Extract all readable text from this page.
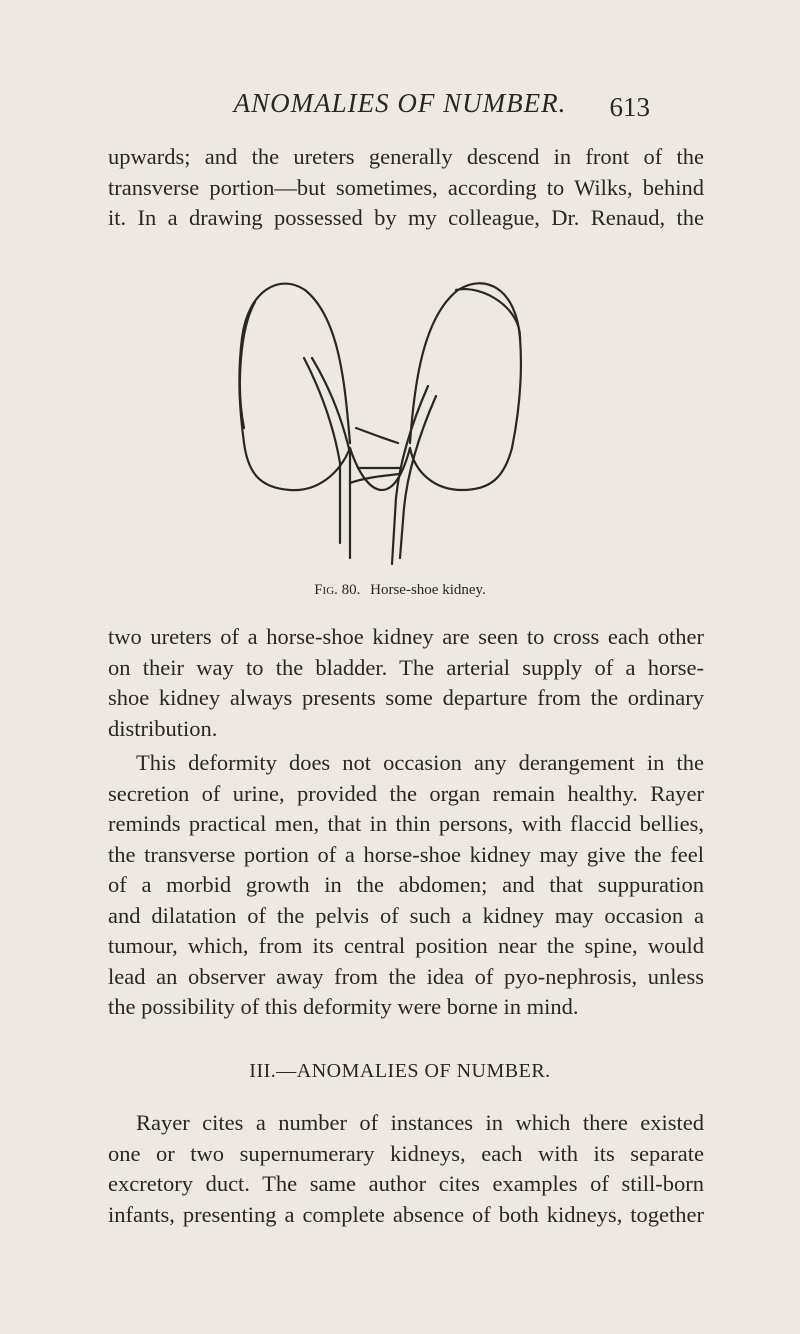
ANOMALIES OF NUMBER.	613

upwards; and the ureters generally descend in front of the
transverse portion—but sometimes, according to Wilks, behind
it. In a drawing possessed by my colleague, Dr. Renaud, the

Fig. 80. Horse-shoe kidney.

two ureters of a horse-shoe kidney are seen to cross each other
on their way to the bladder. The arterial supply of a horse-
shoe kidney always presents some departure from the ordinary
distribution.

This deformity does not occasion any derangement in the
secretion of urine, provided the organ remain healthy. Rayer
reminds practical men, that in thin persons, with flaccid bellies,
the transverse portion of a horse-shoe kidney may give the feel
of a morbid growth in the abdomen; and that suppuration
and dilatation of the pelvis of such a kidney may occasion a
tumour, which, from its central position near the spine, would
lead an observer away from the idea of pyo-nephrosis, unless
the possibility of this deformity were borne in mind.

III.—ANOMALIES OF NUMBER.

Rayer cites a number of instances in which there existed
one or two supernumerary kidneys, each with its separate
excretory duct. The same author cites examples of still-born
infants, presenting a complete absence of both kidneys, together
